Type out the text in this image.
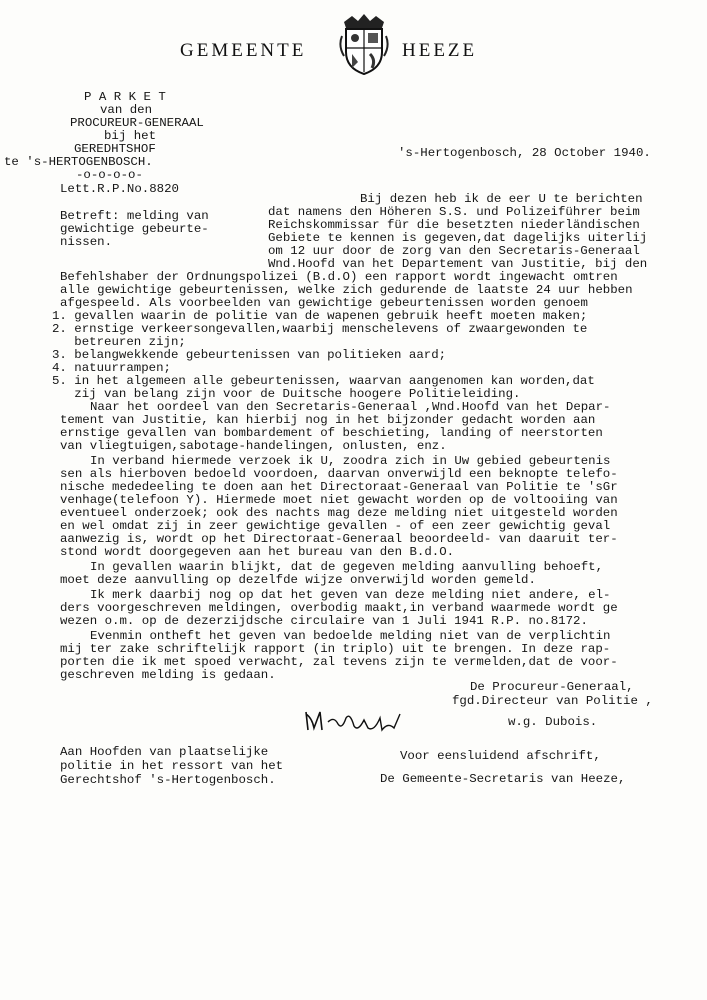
GEMEENTE	HEEZE
P A R K E T
van den
PROCUREUR-GENERAAL
bij het
GEREDHTSHOF
te 's-HERTOGENBOSCH.
-o-o-o-o-
Lett.R.P.No.8820
Betreft: melding van
gewichtige gebeurte-
nissen.
's-Hertogenbosch, 28 October 1940.
Bij dezen heb ik de eer U te berichten
dat namens den Höheren S.S. und Polizeiführer beim
Reichskommissar für die besetzten niederländischen
Gebiete te kennen is gegeven,dat dagelijks uiterlij
om 12 uur door de zorg van den Secretaris-Generaal
Wnd.Hoofd van het Departement van Justitie, bij den
Befehlshaber der Ordnungspolizei (B.d.O) een rapport wordt ingewacht omtren
alle gewichtige gebeurtenissen, welke zich gedurende de laatste 24 uur hebben
afgespeeld. Als voorbeelden van gewichtige gebeurtenissen worden genoem
1. gevallen waarin de politie van de wapenen gebruik heeft moeten maken;
2. ernstige verkeersongevallen,waarbij menschelevens of zwaargewonden te
betreuren zijn;
3. belangwekkende gebeurtenissen van politieken aard;
4. natuurrampen;
5. in het algemeen alle gebeurtenissen, waarvan aangenomen kan worden,dat
zij van belang zijn voor de Duitsche hoogere Politieleiding.
Naar het oordeel van den Secretaris-Generaal ,Wnd.Hoofd van het Depar-
tement van Justitie, kan hierbij nog in het bijzonder gedacht worden aan
ernstige gevallen van bombardement of beschieting, landing of neerstorten
van vliegtuigen,sabotage-handelingen, onlusten, enz.
In verband hiermede verzoek ik U, zoodra zich in Uw gebied gebeurtenis
sen als hierboven bedoeld voordoen, daarvan onverwijld een beknopte telefo-
nische mededeeling te doen aan het Directoraat-Generaal van Politie te 'sGr
venhage(telefoon Y). Hiermede moet niet gewacht worden op de voltooiing van
eventueel onderzoek; ook des nachts mag deze melding niet uitgesteld worden
en wel omdat zij in zeer gewichtige gevallen - of een zeer gewichtig geval
aanwezig is, wordt op het Directoraat-Generaal beoordeeld- van daaruit ter-
stond wordt doorgegeven aan het bureau van den B.d.O.
In gevallen waarin blijkt, dat de gegeven melding aanvulling behoeft,
moet deze aanvulling op dezelfde wijze onverwijld worden gemeld.
Ik merk daarbij nog op dat het geven van deze melding niet andere, el-
ders voorgeschreven meldingen, overbodig maakt,in verband waarmede wordt ge
wezen o.m. op de dezerzijdsche circulaire van 1 Juli 1941 R.P. no.8172.
Evenmin ontheft het geven van bedoelde melding niet van de verplichtin
mij ter zake schriftelijk rapport (in triplo) uit te brengen. In deze rap-
porten die ik met spoed verwacht, zal tevens zijn te vermelden,dat de voor-
geschreven melding is gedaan.
De Procureur-Generaal,
fgd.Directeur van Politie ,
w.g. Dubois.
Aan Hoofden van plaatselijke
politie in het ressort van het
Gerechtshof 's-Hertogenbosch.
Voor eensluidend afschrift,
De Gemeente-Secretaris van Heeze,
